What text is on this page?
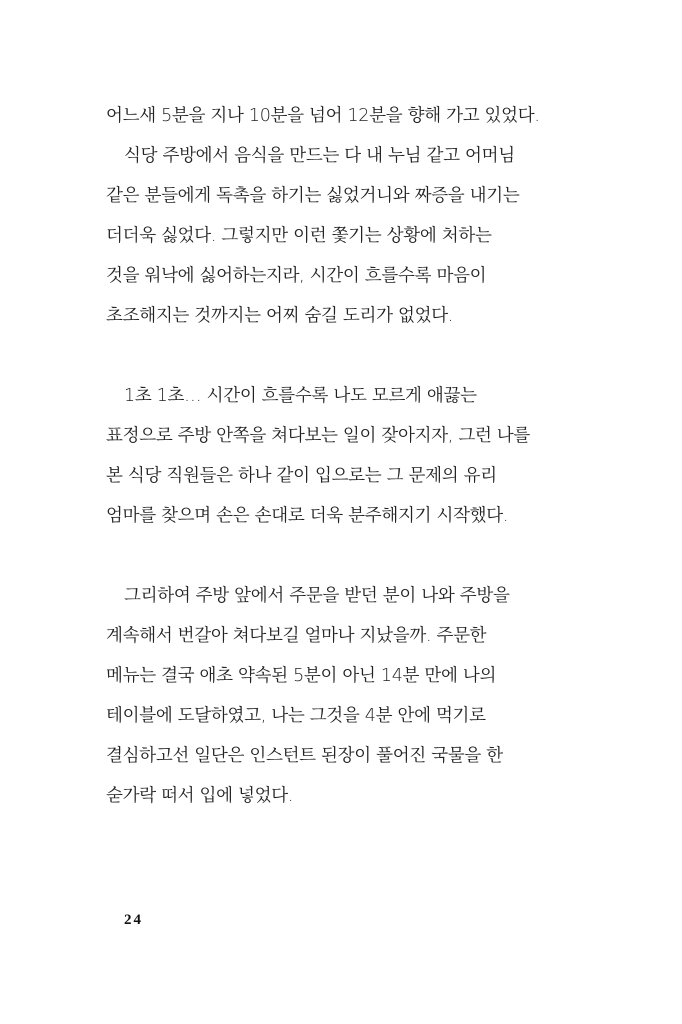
어느새 5분을 지나 10분을 넘어 12분을 향해 가고 있었다.
식당 주방에서 음식을 만드는 다 내 누님 같고 어머님
같은 분들에게 독촉을 하기는 싫었거니와 짜증을 내기는
더더욱 싫었다. 그렇지만 이런 쫓기는 상황에 처하는
것을 워낙에 싫어하는지라, 시간이 흐를수록 마음이
초조해지는 것까지는 어찌 숨길 도리가 없었다.
1초 1초… 시간이 흐를수록 나도 모르게 애끓는
표정으로 주방 안쪽을 쳐다보는 일이 잦아지자, 그런 나를
본 식당 직원들은 하나 같이 입으로는 그 문제의 유리
엄마를 찾으며 손은 손대로 더욱 분주해지기 시작했다.
그리하여 주방 앞에서 주문을 받던 분이 나와 주방을
계속해서 번갈아 쳐다보길 얼마나 지났을까. 주문한
메뉴는 결국 애초 약속된 5분이 아닌 14분 만에 나의
테이블에 도달하였고, 나는 그것을 4분 안에 먹기로
결심하고선 일단은 인스턴트 된장이 풀어진 국물을 한
숟가락 떠서 입에 넣었다.
24
